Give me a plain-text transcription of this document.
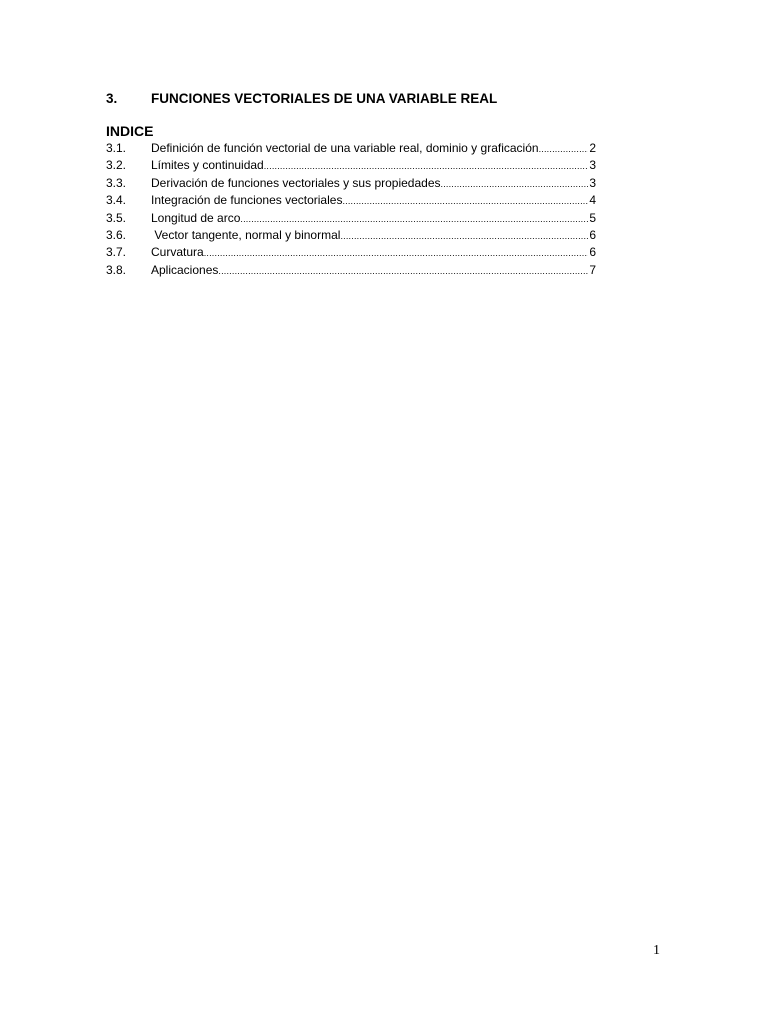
3.	FUNCIONES VECTORIALES DE UNA VARIABLE REAL
INDICE
3.1.	Definición de función vectorial de una variable real, dominio y graficación .....	2
3.2.	Límites y continuidad .....	3
3.3.	Derivación de funciones vectoriales y sus propiedades .....	3
3.4.	Integración de funciones vectoriales .....	4
3.5.	Longitud de arco .....	5
3.6.	Vector tangente, normal y binormal .....	6
3.7.	Curvatura .....	6
3.8.	Aplicaciones .....	7
1
